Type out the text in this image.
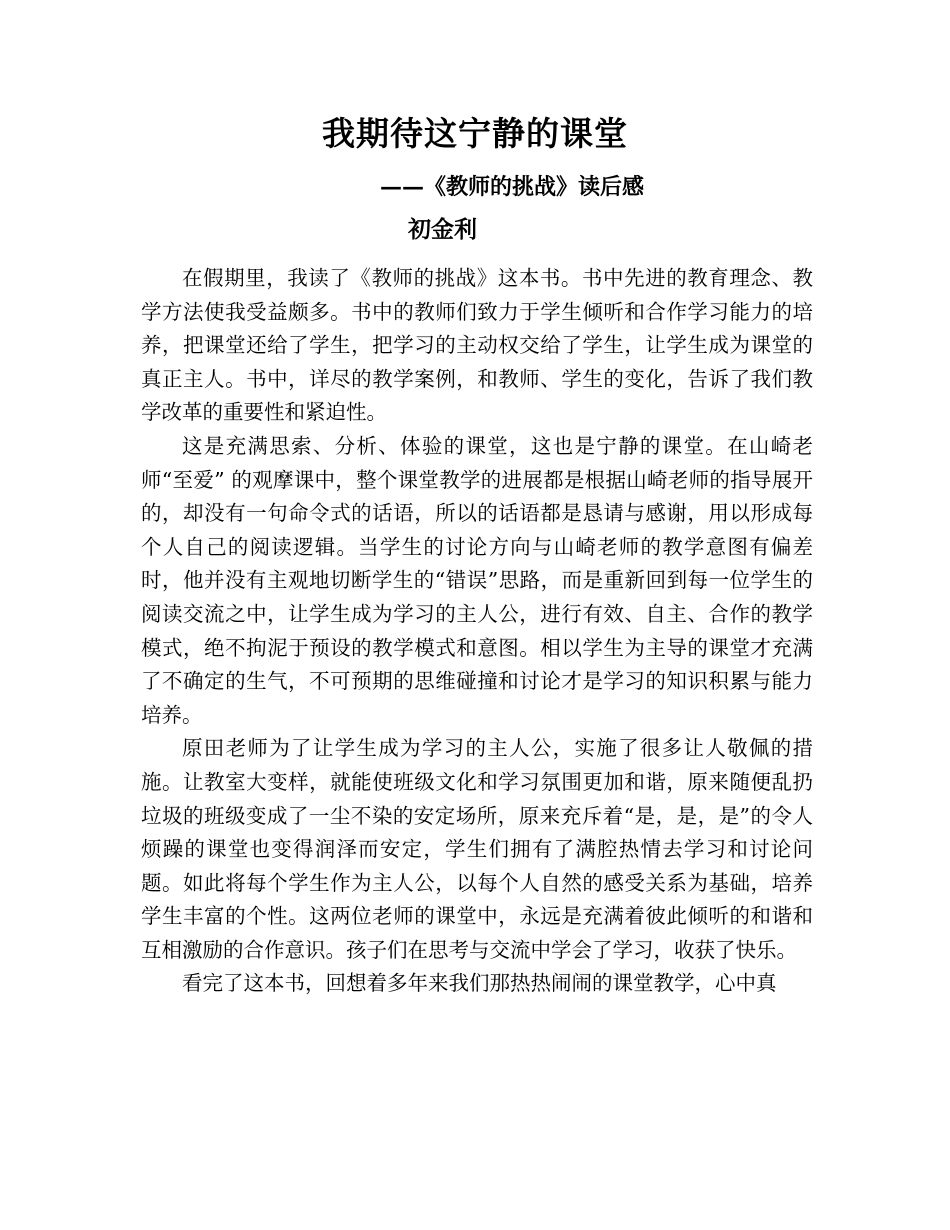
我期待这宁静的课堂
——《教师的挑战》读后感
初金利

在假期里，我读了《教师的挑战》这本书。书中先进的教育理念、教学方法使我受益颇多。书中的教师们致力于学生倾听和合作学习能力的培养，把课堂还给了学生，把学习的主动权交给了学生，让学生成为课堂的真正主人。书中，详尽的教学案例，和教师、学生的变化，告诉了我们教学改革的重要性和紧迫性。

这是充满思索、分析、体验的课堂，这也是宁静的课堂。在山崎老师“至爱” 的观摩课中，整个课堂教学的进展都是根据山崎老师的指导展开的，却没有一句命令式的话语，所以的话语都是恳请与感谢，用以形成每个人自己的阅读逻辑。当学生的讨论方向与山崎老师的教学意图有偏差时，他并没有主观地切断学生的“错误”思路，而是重新回到每一位学生的阅读交流之中，让学生成为学习的主人公，进行有效、自主、合作的教学模式，绝不拘泥于预设的教学模式和意图。相以学生为主导的课堂才充满了不确定的生气，不可预期的思维碰撞和讨论才是学习的知识积累与能力培养。

原田老师为了让学生成为学习的主人公，实施了很多让人敬佩的措施。让教室大变样，就能使班级文化和学习氛围更加和谐，原来随便乱扔垃圾的班级变成了一尘不染的安定场所，原来充斥着“是，是，是”的令人烦躁的课堂也变得润泽而安定，学生们拥有了满腔热情去学习和讨论问题。如此将每个学生作为主人公，以每个人自然的感受关系为基础，培养学生丰富的个性。这两位老师的课堂中，永远是充满着彼此倾听的和谐和互相激励的合作意识。孩子们在思考与交流中学会了学习，收获了快乐。

看完了这本书，回想着多年来我们那热热闹闹的课堂教学，心中真
